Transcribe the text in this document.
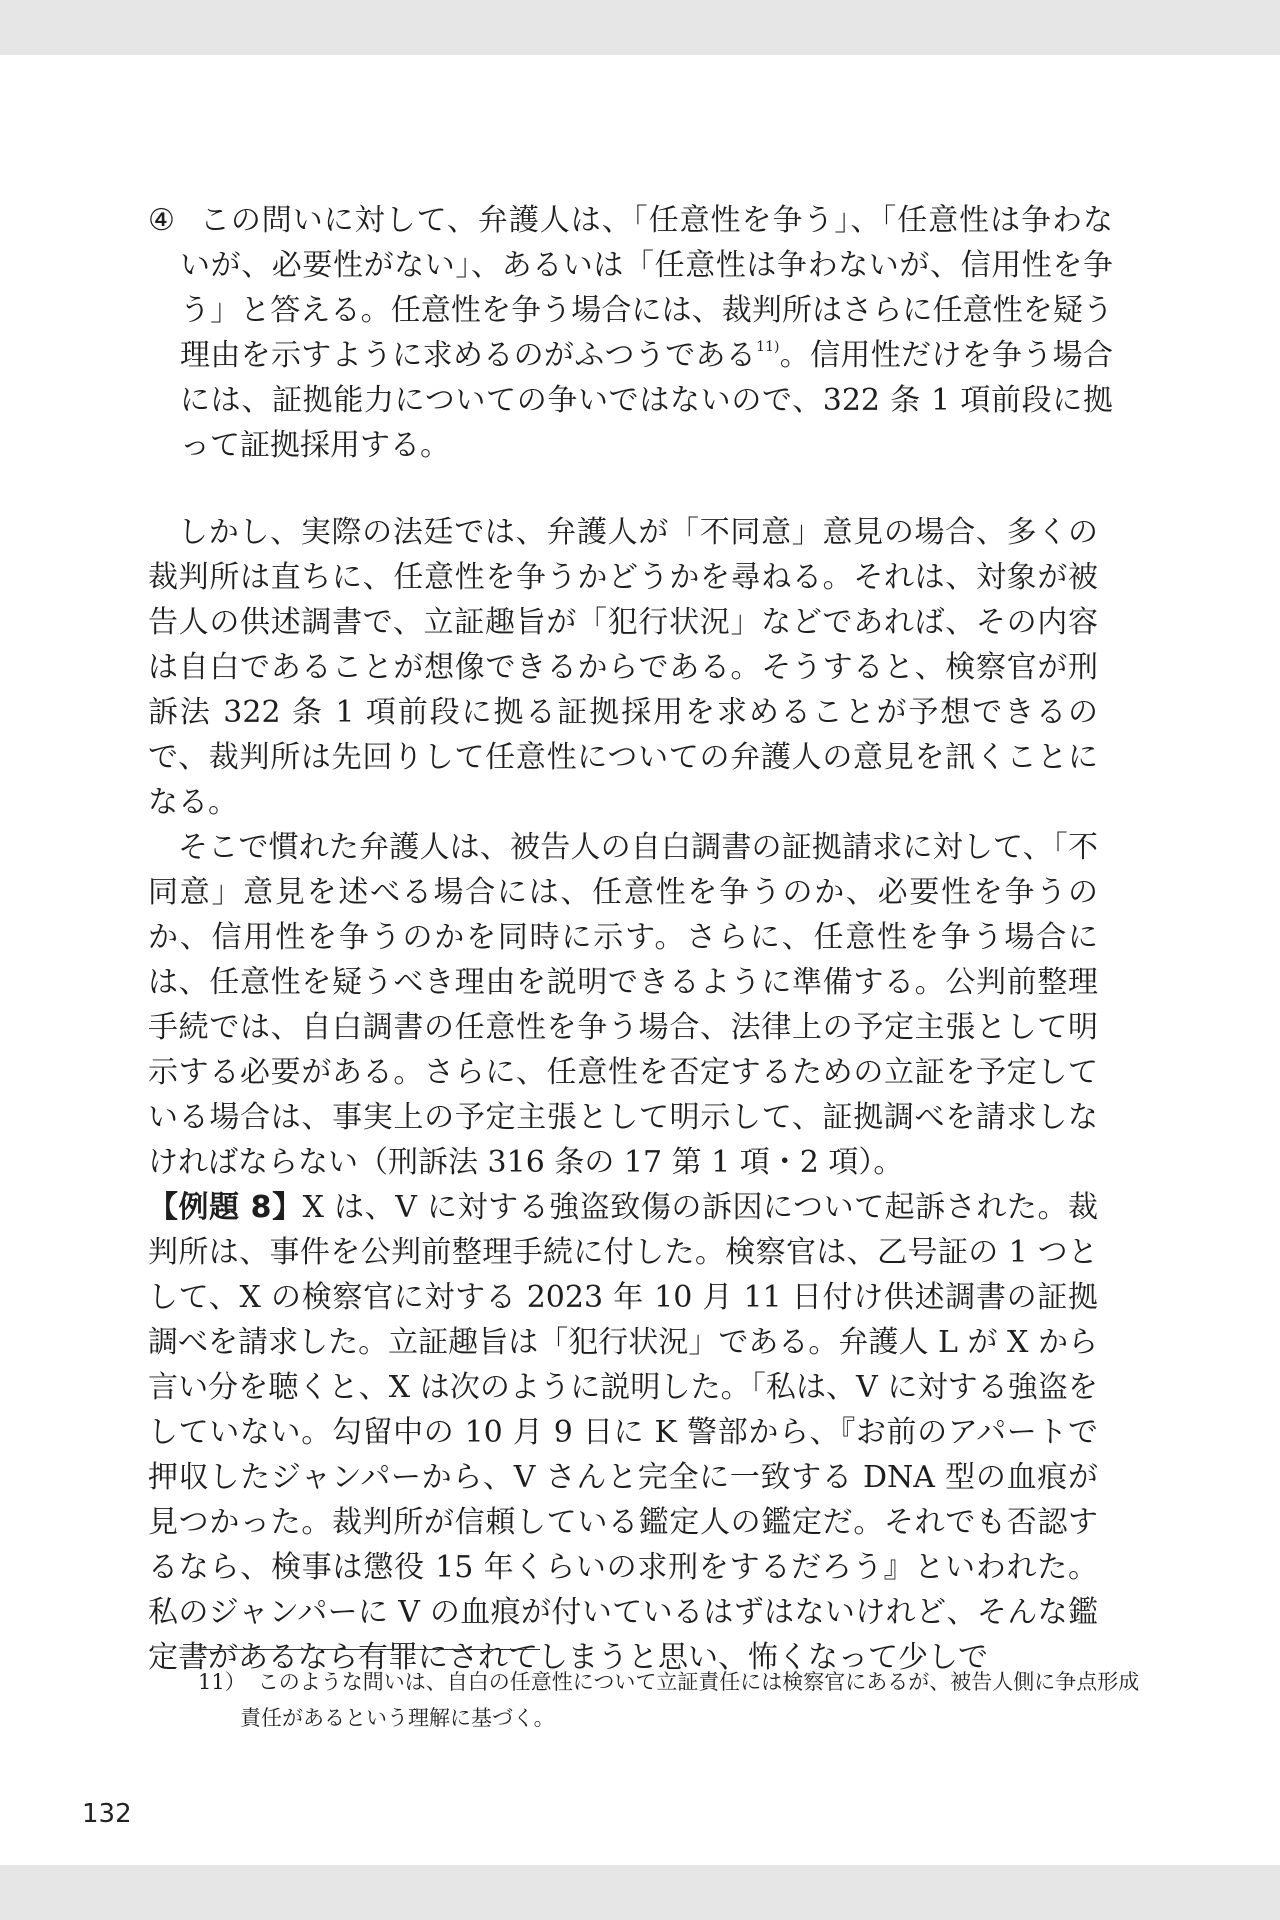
④ この問いに対して、弁護人は、「任意性を争う」、「任意性は争わないが、必要性がない」、あるいは「任意性は争わないが、信用性を争う」と答える。任意性を争う場合には、裁判所はさらに任意性を疑う理由を示すように求めるのがふつうである$^{11)}$。信用性だけを争う場合には、証拠能力についての争いではないので、322 条 1 項前段に拠って証拠採用する。

しかし、実際の法廷では、弁護人が「不同意」意見の場合、多くの裁判所は直ちに、任意性を争うかどうかを尋ねる。それは、対象が被告人の供述調書で、立証趣旨が「犯行状況」などであれば、その内容は自白であることが想像できるからである。そうすると、検察官が刑訴法 322 条 1 項前段に拠る証拠採用を求めることが予想できるので、裁判所は先回りして任意性についての弁護人の意見を訊くことになる。

そこで慣れた弁護人は、被告人の自白調書の証拠請求に対して、「不同意」意見を述べる場合には、任意性を争うのか、必要性を争うのか、信用性を争うのかを同時に示す。さらに、任意性を争う場合には、任意性を疑うべき理由を説明できるように準備する。公判前整理手続では、自白調書の任意性を争う場合、法律上の予定主張として明示する必要がある。さらに、任意性を否定するための立証を予定している場合は、事実上の予定主張として明示して、証拠調べを請求しなければならない（刑訴法 316 条の 17 第 1 項・2 項）。

【例題 8】X は、V に対する強盗致傷の訴因について起訴された。裁判所は、事件を公判前整理手続に付した。検察官は、乙号証の 1 つとして、X の検察官に対する 2023 年 10 月 11 日付け供述調書の証拠調べを請求した。立証趣旨は「犯行状況」である。弁護人 L が X から言い分を聴くと、X は次のように説明した。「私は、V に対する強盗をしていない。勾留中の 10 月 9 日に K 警部から、『お前のアパートで押収したジャンパーから、V さんと完全に一致する DNA 型の血痕が見つかった。裁判所が信頼している鑑定人の鑑定だ。それでも否認するなら、検事は懲役 15 年くらいの求刑をするだろう』といわれた。私のジャンパーに V の血痕が付いているはずはないけれど、そんな鑑定書があるなら有罪にされてしまうと思い、怖くなって少しで

11） このような問いは、自白の任意性について立証責任には検察官にあるが、被告人側に争点形成責任があるという理解に基づく。

132
